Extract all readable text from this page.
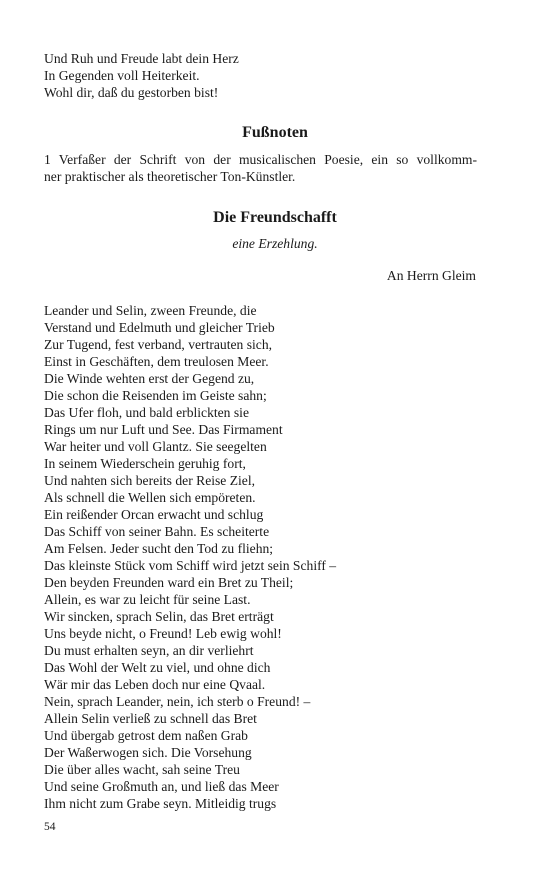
Und Ruh und Freude labt dein Herz
In Gegenden voll Heiterkeit.
Wohl dir, daß du gestorben bist!
Fußnoten
1 Verfaßer der Schrift von der musicalischen Poesie, ein so vollkomm-
ner praktischer als theoretischer Ton-Künstler.
Die Freundschafft
eine Erzehlung.
An Herrn Gleim
Leander und Selin, zween Freunde, die
Verstand und Edelmuth und gleicher Trieb
Zur Tugend, fest verband, vertrauten sich,
Einst in Geschäften, dem treulosen Meer.
Die Winde wehten erst der Gegend zu,
Die schon die Reisenden im Geiste sahn;
Das Ufer floh, und bald erblickten sie
Rings um nur Luft und See. Das Firmament
War heiter und voll Glantz. Sie seegelten
In seinem Wiederschein geruhig fort,
Und nahten sich bereits der Reise Ziel,
Als schnell die Wellen sich empöreten.
Ein reißender Orcan erwacht und schlug
Das Schiff von seiner Bahn. Es scheiterte
Am Felsen. Jeder sucht den Tod zu fliehn;
Das kleinste Stück vom Schiff wird jetzt sein Schiff –
Den beyden Freunden ward ein Bret zu Theil;
Allein, es war zu leicht für seine Last.
Wir sincken, sprach Selin, das Bret erträgt
Uns beyde nicht, o Freund! Leb ewig wohl!
Du must erhalten seyn, an dir verliehrt
Das Wohl der Welt zu viel, und ohne dich
Wär mir das Leben doch nur eine Qvaal.
Nein, sprach Leander, nein, ich sterb o Freund! –
Allein Selin verließ zu schnell das Bret
Und übergab getrost dem naßen Grab
Der Waßerwogen sich. Die Vorsehung
Die über alles wacht, sah seine Treu
Und seine Großmuth an, und ließ das Meer
Ihm nicht zum Grabe seyn. Mitleidig trugs
54
